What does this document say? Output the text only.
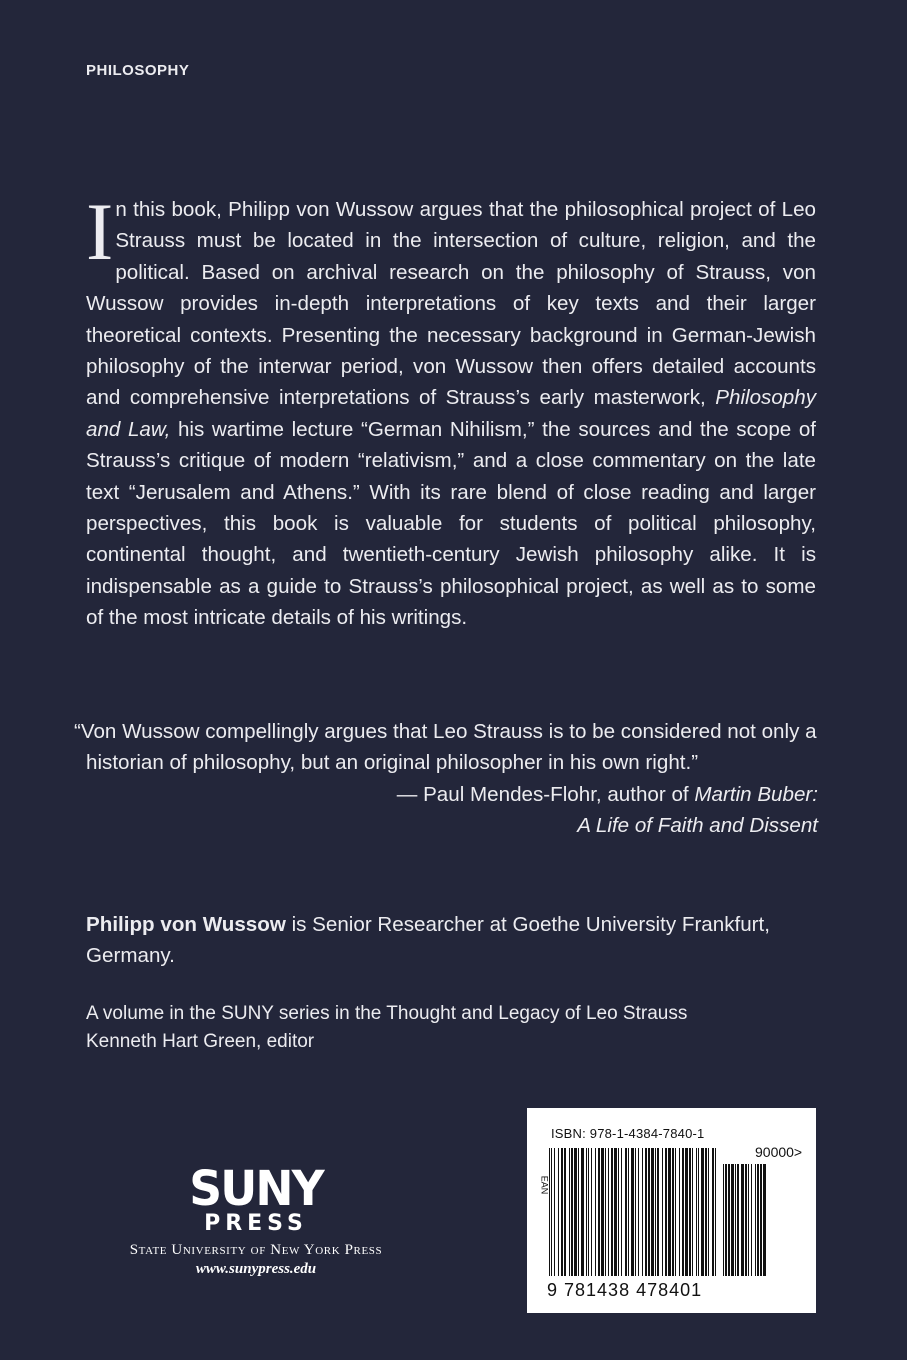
PHILOSOPHY

In this book, Philipp von Wussow argues that the philosophical project of Leo Strauss must be located in the intersection of culture, religion, and the political. Based on archival research on the philosophy of Strauss, von Wussow provides in-depth interpretations of key texts and their larger theoretical contexts. Presenting the necessary background in German-Jewish philosophy of the interwar period, von Wussow then offers detailed accounts and comprehensive interpretations of Strauss’s early masterwork, Philosophy and Law, his wartime lecture “German Nihilism,” the sources and the scope of Strauss’s critique of modern “relativism,” and a close commentary on the late text “Jerusalem and Athens.” With its rare blend of close reading and larger perspectives, this book is valuable for students of political philosophy, continental thought, and twentieth-century Jewish philosophy alike. It is indispensable as a guide to Strauss’s philosophical project, as well as to some of the most intricate details of his writings.

“Von Wussow compellingly argues that Leo Strauss is to be considered not only a historian of philosophy, but an original philosopher in his own right.”

— Paul Mendes-Flohr, author of Martin Buber:
A Life of Faith and Dissent

Philipp von Wussow is Senior Researcher at Goethe University Frankfurt, Germany.

A volume in the SUNY series in the Thought and Legacy of Leo Strauss
Kenneth Hart Green, editor
SUNY
PRESS
State University of New York Press
www.sunypress.edu
ISBN: 978-1-4384-7840-1
EAN
90000>
9 781438 478401
